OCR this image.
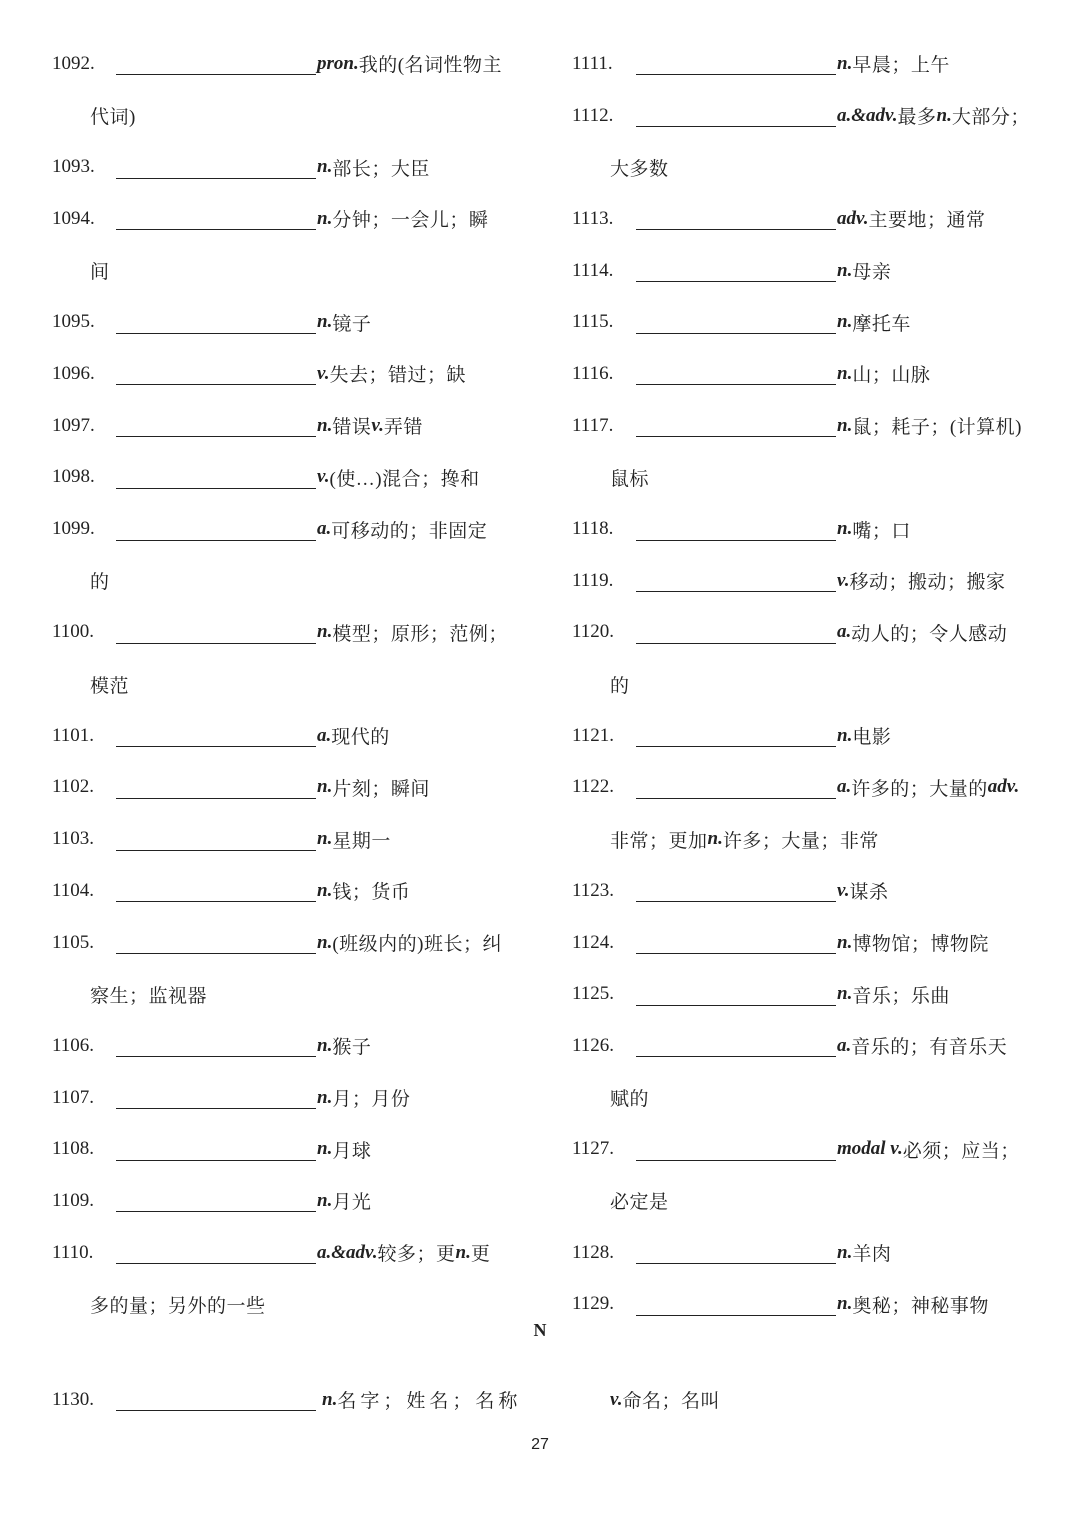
1092.	pron. 我的(名词性物主
代词)
1093.	n. 部长；大臣
1094.	n. 分钟；一会儿；瞬
间
1095.	n. 镜子
1096.	v. 失去；错过；缺
1097.	n. 错误 v. 弄错
1098.	v. (使…)混合；搀和
1099.	a. 可移动的；非固定
的
1100.	n. 模型；原形；范例；
模范
1101.	a. 现代的
1102.	n. 片刻；瞬间
1103.	n. 星期一
1104.	n. 钱；货币
1105.	n. (班级内的)班长；纠
察生；监视器
1106.	n. 猴子
1107.	n. 月；月份
1108.	n. 月球
1109.	n. 月光
1110.	a.&adv. 较多；更 n. 更
多的量；另外的一些
1111.	n. 早晨；上午
1112.	a.&adv. 最多 n. 大部分；
大多数
1113.	adv. 主要地；通常
1114.	n. 母亲
1115.	n. 摩托车
1116.	n. 山；山脉
1117.	n. 鼠；耗子；(计算机)
鼠标
1118.	n. 嘴；口
1119.	v. 移动；搬动；搬家
1120.	a. 动人的；令人感动
的
1121.	n. 电影
1122.	a. 许多的；大量的 adv.
非常；更加 n. 许多；大量；非常
1123.	v. 谋杀
1124.	n. 博物馆；博物院
1125.	n. 音乐；乐曲
1126.	a. 音乐的；有音乐天
赋的
1127.	modal v. 必须；应当；
必定是
1128.	n. 羊肉
1129.	n. 奥秘；神秘事物
N
1130.	n. 名字；姓名；名称	v. 命名；名叫
27
